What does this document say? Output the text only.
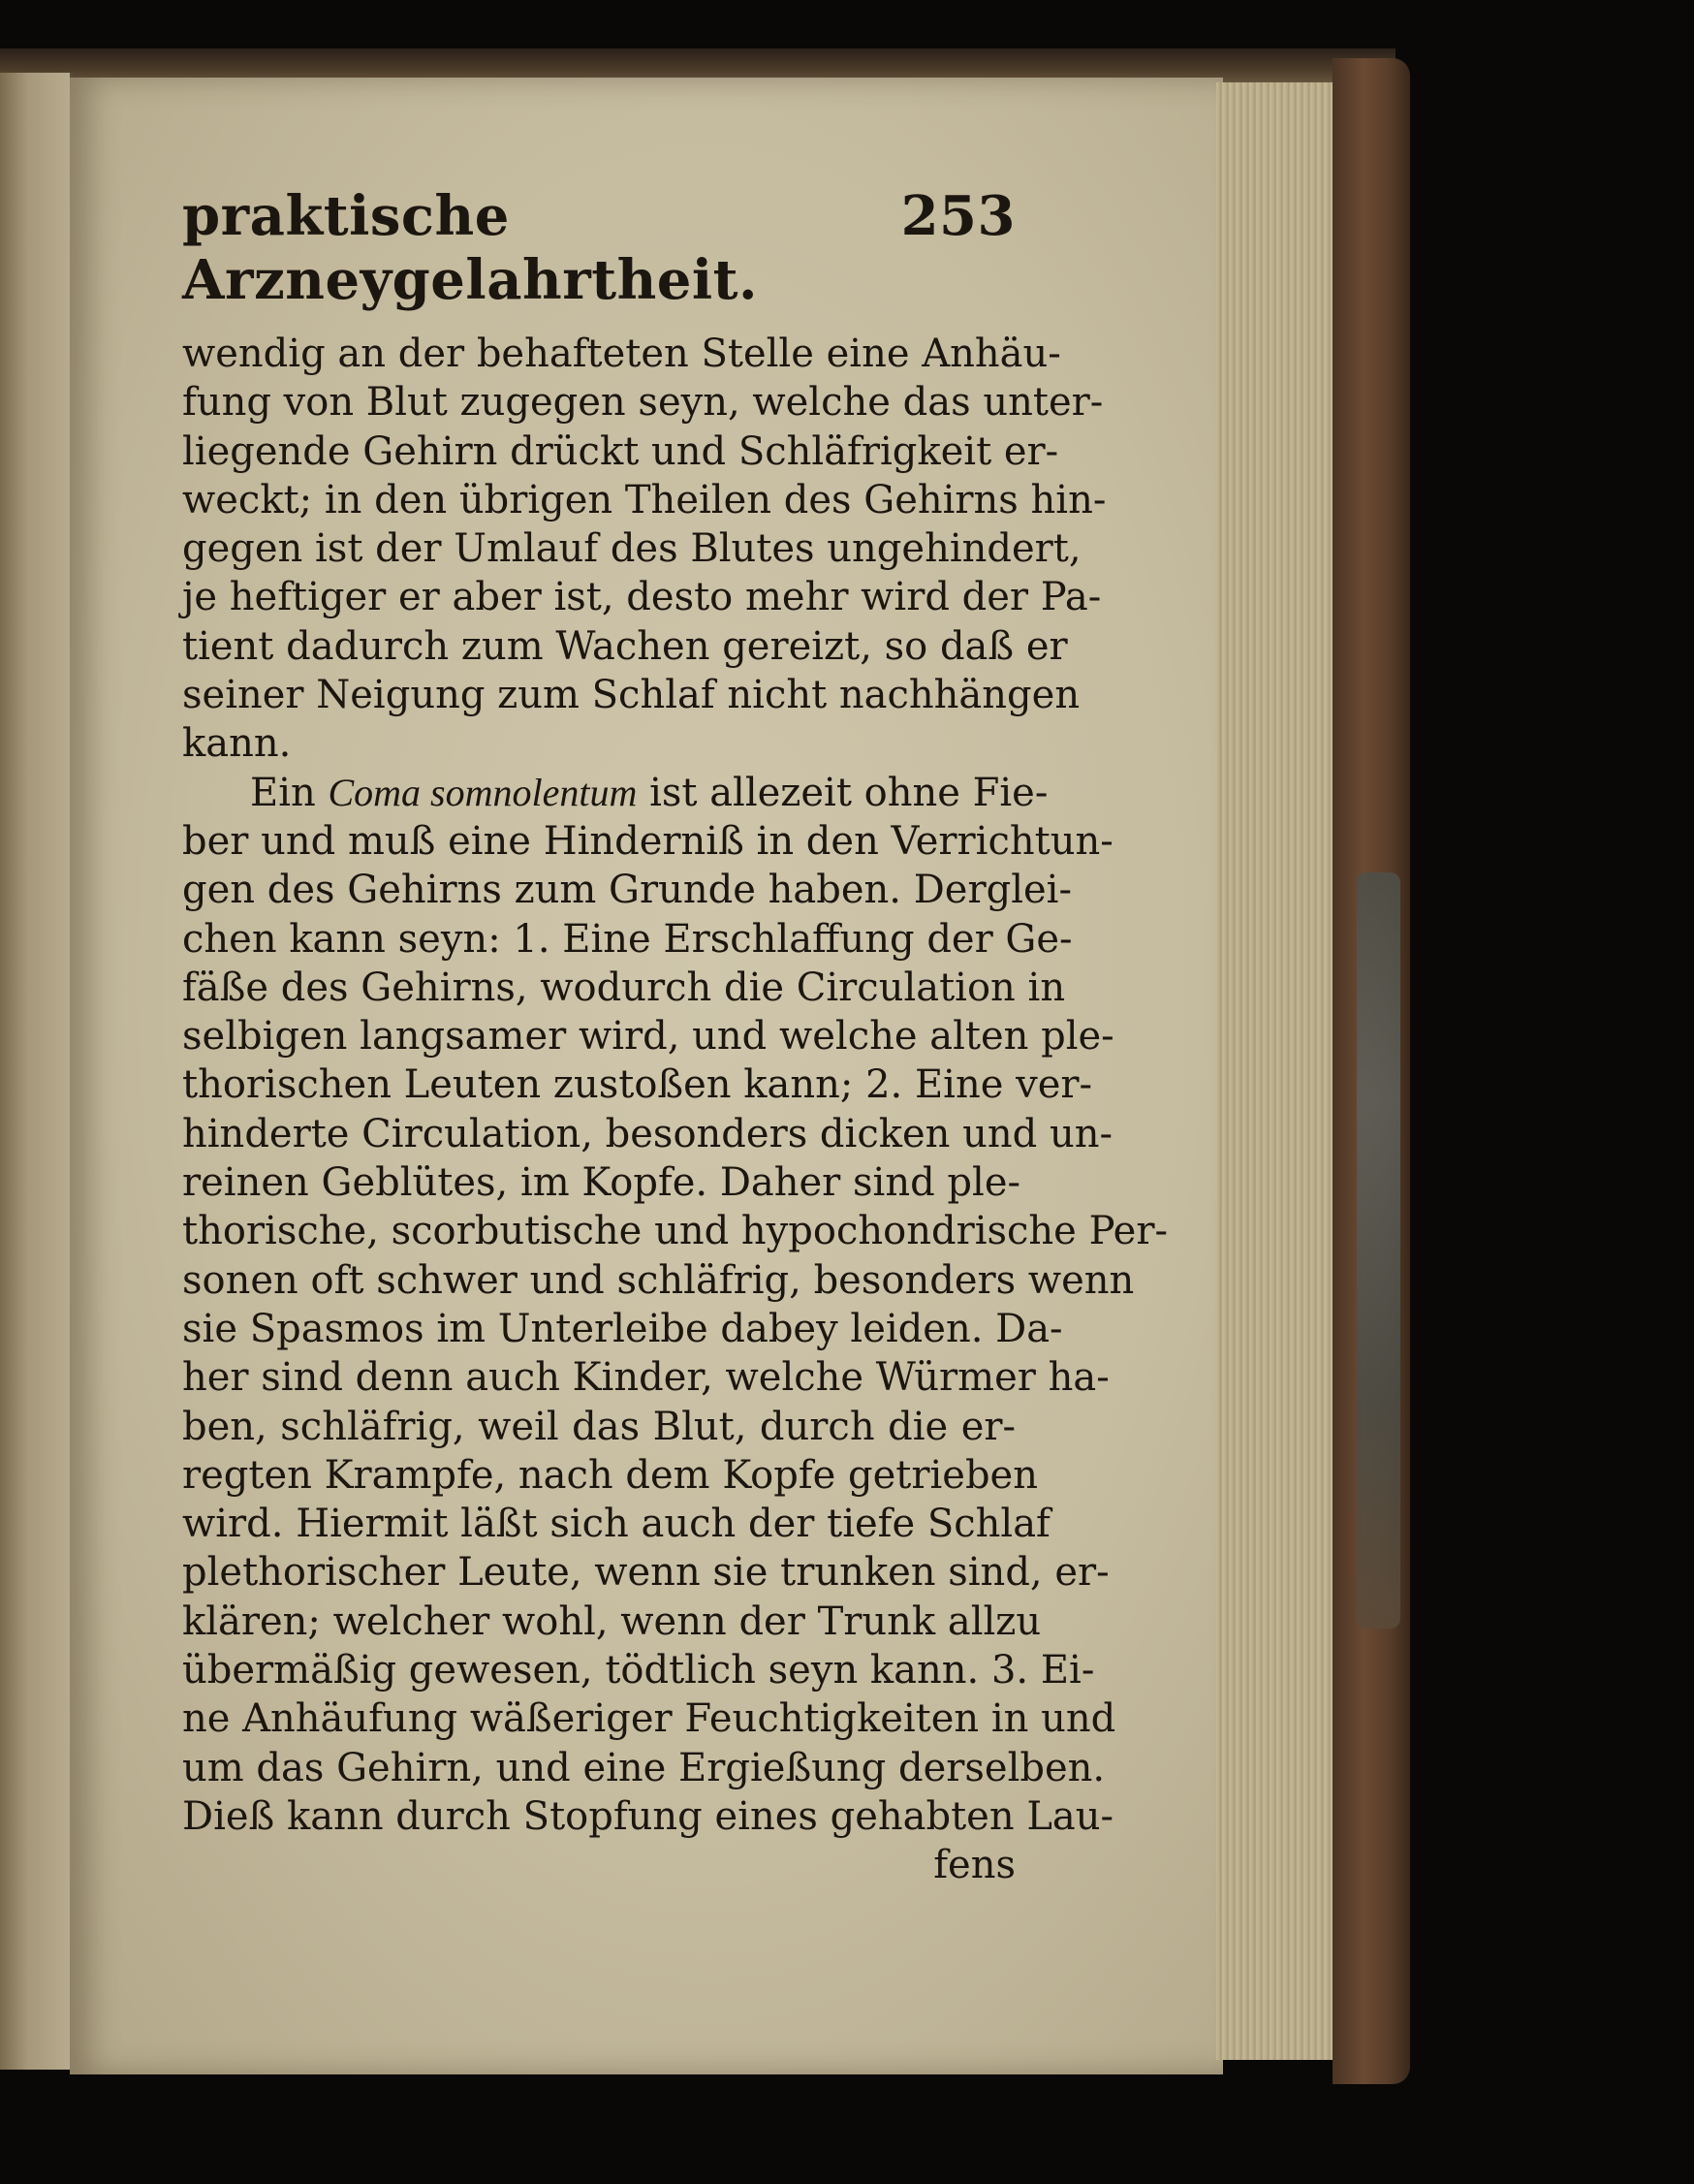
praktische Arzneygelahrtheit.
253
wendig an der behafteten Stelle eine Anhäu-
fung von Blut zugegen seyn, welche das unter-
liegende Gehirn drückt und Schläfrigkeit er-
weckt; in den übrigen Theilen des Gehirns hin-
gegen ist der Umlauf des Blutes ungehindert,
je heftiger er aber ist, desto mehr wird der Pa-
tient dadurch zum Wachen gereizt, so daß er
seiner Neigung zum Schlaf nicht nachhängen
kann.
Ein Coma somnolentum ist allezeit ohne Fie-
ber und muß eine Hinderniß in den Verrichtun-
gen des Gehirns zum Grunde haben. Derglei-
chen kann seyn: 1. Eine Erschlaffung der Ge-
fäße des Gehirns, wodurch die Circulation in
selbigen langsamer wird, und welche alten ple-
thorischen Leuten zustoßen kann; 2. Eine ver-
hinderte Circulation, besonders dicken und un-
reinen Geblütes, im Kopfe. Daher sind ple-
thorische, scorbutische und hypochondrische Per-
sonen oft schwer und schläfrig, besonders wenn
sie Spasmos im Unterleibe dabey leiden. Da-
her sind denn auch Kinder, welche Würmer ha-
ben, schläfrig, weil das Blut, durch die er-
regten Krampfe, nach dem Kopfe getrieben
wird. Hiermit läßt sich auch der tiefe Schlaf
plethorischer Leute, wenn sie trunken sind, er-
klären; welcher wohl, wenn der Trunk allzu
übermäßig gewesen, tödtlich seyn kann. 3. Ei-
ne Anhäufung wäßeriger Feuchtigkeiten in und
um das Gehirn, und eine Ergießung derselben.
Dieß kann durch Stopfung eines gehabten Lau-
fens
